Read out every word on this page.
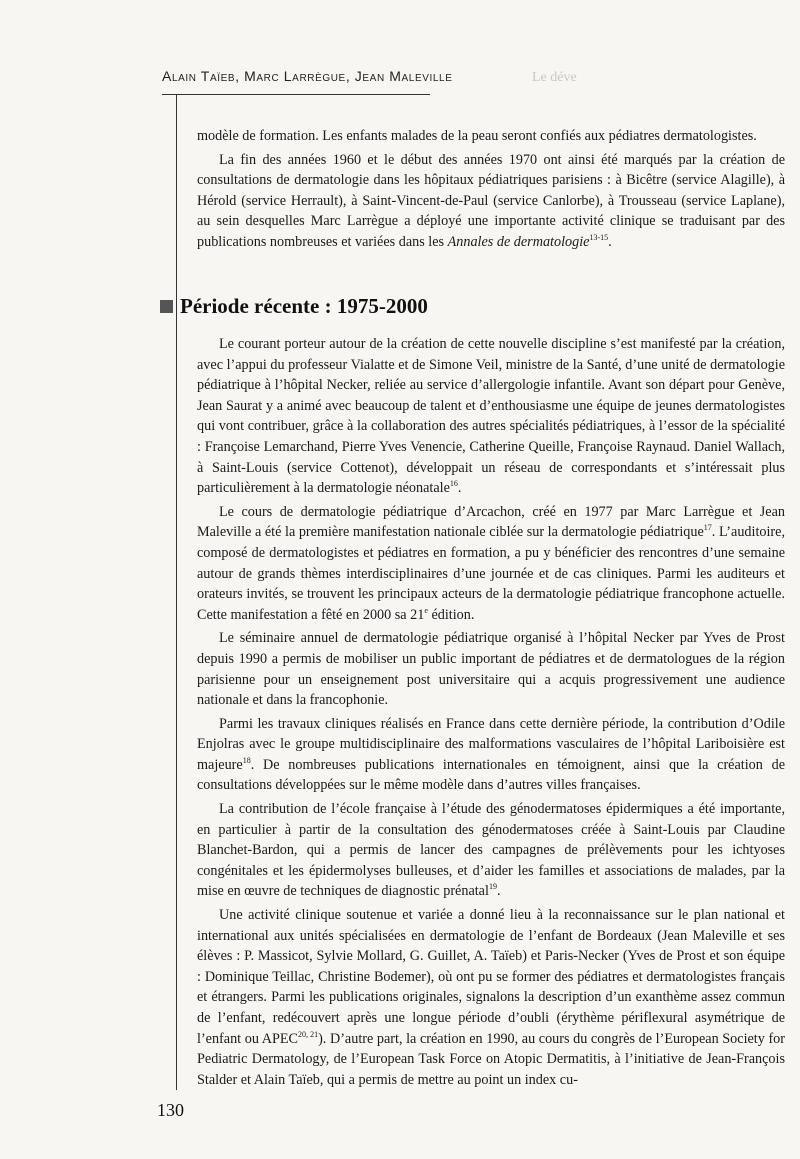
Le déve
Alain Taïeb, Marc Larrègue, Jean Maleville

modèle de formation. Les enfants malades de la peau seront confiés aux pédiatres dermatologistes.

La fin des années 1960 et le début des années 1970 ont ainsi été marqués par la création de consultations de dermatologie dans les hôpitaux pédiatriques parisiens : à Bicêtre (service Alagille), à Hérold (service Herrault), à Saint-Vincent-de-Paul (service Canlorbe), à Trousseau (service Laplane), au sein desquelles Marc Larrègue a déployé une importante activité clinique se traduisant par des publications nombreuses et variées dans les Annales de dermatologie$^{13-15}$.

Période récente : 1975-2000

Le courant porteur autour de la création de cette nouvelle discipline s’est manifesté par la création, avec l’appui du professeur Vialatte et de Simone Veil, ministre de la Santé, d’une unité de dermatologie pédiatrique à l’hôpital Necker, reliée au service d’allergologie infantile. Avant son départ pour Genève, Jean Saurat y a animé avec beaucoup de talent et d’enthousiasme une équipe de jeunes dermatologistes qui vont contribuer, grâce à la collaboration des autres spécialités pédiatriques, à l’essor de la spécialité : Françoise Lemarchand, Pierre Yves Venencie, Catherine Queille, Françoise Raynaud. Daniel Wallach, à Saint-Louis (service Cottenot), développait un réseau de correspondants et s’intéressait plus particulièrement à la dermatologie néonatale$^{16}$.

Le cours de dermatologie pédiatrique d’Arcachon, créé en 1977 par Marc Larrègue et Jean Maleville a été la première manifestation nationale ciblée sur la dermatologie pédiatrique$^{17}$. L’auditoire, composé de dermatologistes et pédiatres en formation, a pu y bénéficier des rencontres d’une semaine autour de grands thèmes interdisciplinaires d’une journée et de cas cliniques. Parmi les auditeurs et orateurs invités, se trouvent les principaux acteurs de la dermatologie pédiatrique francophone actuelle. Cette manifestation a fêté en 2000 sa 21e édition.

Le séminaire annuel de dermatologie pédiatrique organisé à l’hôpital Necker par Yves de Prost depuis 1990 a permis de mobiliser un public important de pédiatres et de dermatologues de la région parisienne pour un enseignement post universitaire qui a acquis progressivement une audience nationale et dans la francophonie.

Parmi les travaux cliniques réalisés en France dans cette dernière période, la contribution d’Odile Enjolras avec le groupe multidisciplinaire des malformations vasculaires de l’hôpital Lariboisière est majeure$^{18}$. De nombreuses publications internationales en témoignent, ainsi que la création de consultations développées sur le même modèle dans d’autres villes françaises.

La contribution de l’école française à l’étude des génodermatoses épidermiques a été importante, en particulier à partir de la consultation des génodermatoses créée à Saint-Louis par Claudine Blanchet-Bardon, qui a permis de lancer des campagnes de prélèvements pour les ichtyoses congénitales et les épidermolyses bulleuses, et d’aider les familles et associations de malades, par la mise en œuvre de techniques de diagnostic prénatal$^{19}$.

Une activité clinique soutenue et variée a donné lieu à la reconnaissance sur le plan national et international aux unités spécialisées en dermatologie de l’enfant de Bordeaux (Jean Maleville et ses élèves : P. Massicot, Sylvie Mollard, G. Guillet, A. Taïeb) et Paris-Necker (Yves de Prost et son équipe : Dominique Teillac, Christine Bodemer), où ont pu se former des pédiatres et dermatologistes français et étrangers. Parmi les publications originales, signalons la description d’un exanthème assez commun de l’enfant, redécouvert après une longue période d’oubli (érythème périflexural asymétrique de l’enfant ou APEC$^{20, 21}$). D’autre part, la création en 1990, au cours du congrès de l’European Society for Pediatric Dermatology, de l’European Task Force on Atopic Dermatitis, à l’initiative de Jean-François Stalder et Alain Taïeb, qui a permis de mettre au point un index cu-

130
